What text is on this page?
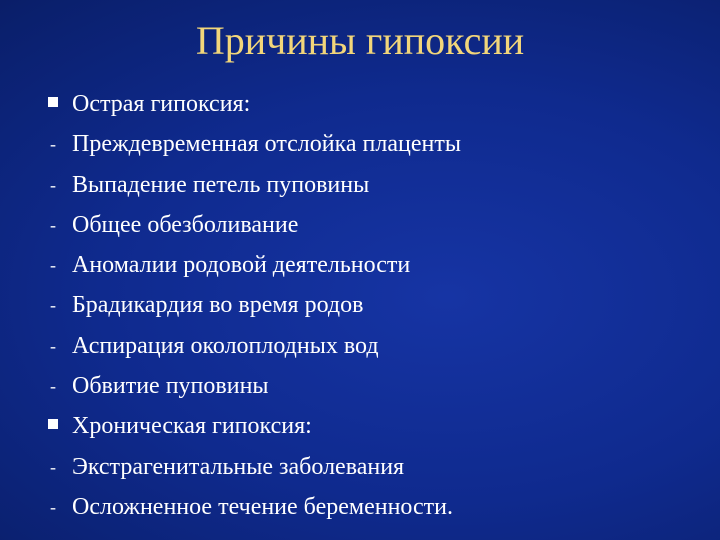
Причины гипоксии
Острая гипоксия:
- Преждевременная отслойка плаценты
- Выпадение петель пуповины
- Общее обезболивание
- Аномалии родовой деятельности
- Брадикардия во время родов
- Аспирация околоплодных вод
- Обвитие пуповины
Хроническая гипоксия:
- Экстрагенитальные заболевания
- Осложненное течение беременности.
